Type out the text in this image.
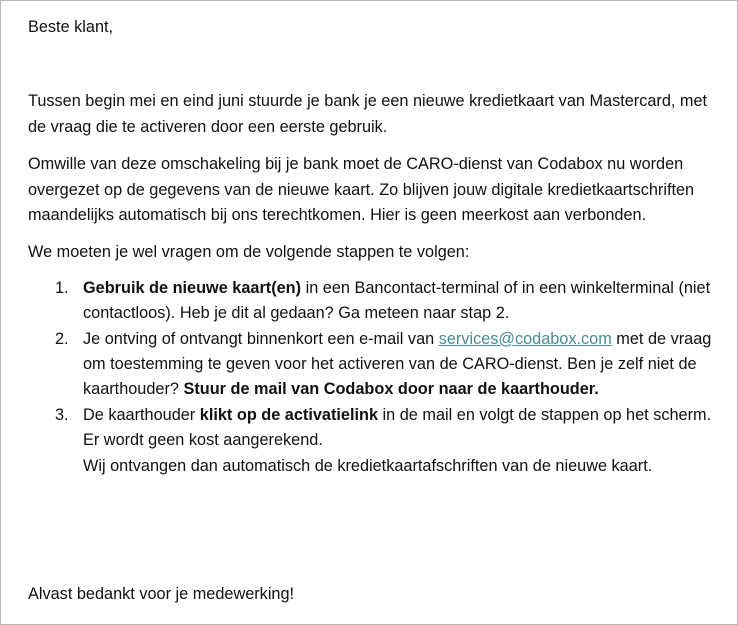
Beste klant,

Tussen begin mei en eind juni stuurde je bank je een nieuwe kredietkaart van Mastercard, met de vraag die te activeren door een eerste gebruik.

Omwille van deze omschakeling bij je bank moet de CARO-dienst van Codabox nu worden overgezet op de gegevens van de nieuwe kaart. Zo blijven jouw digitale kredietkaartschriften maandelijks automatisch bij ons terechtkomen. Hier is geen meerkost aan verbonden.

We moeten je wel vragen om de volgende stappen te volgen:

1. Gebruik de nieuwe kaart(en) in een Bancontact-terminal of in een winkelterminal (niet contactloos). Heb je dit al gedaan? Ga meteen naar stap 2.
2. Je ontving of ontvangt binnenkort een e-mail van services@codabox.com met de vraag om toestemming te geven voor het activeren van de CARO-dienst. Ben je zelf niet de kaarthouder? Stuur de mail van Codabox door naar de kaarthouder.
3. De kaarthouder klikt op de activatielink in de mail en volgt de stappen op het scherm. Er wordt geen kost aangerekend.
Wij ontvangen dan automatisch de kredietkaartafschriften van de nieuwe kaart.

Alvast bedankt voor je medewerking!
